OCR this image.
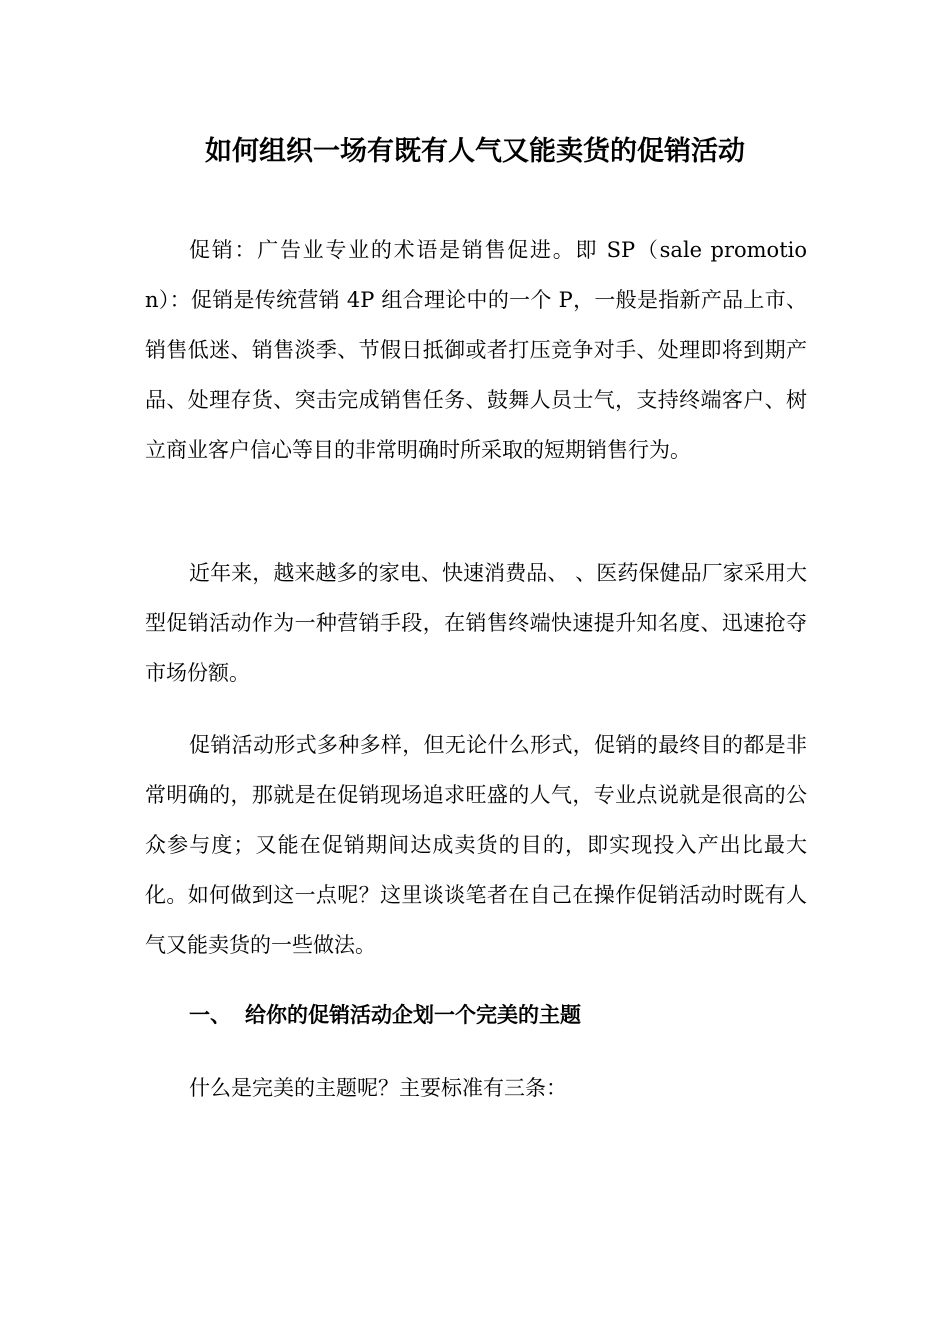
如何组织一场有既有人气又能卖货的促销活动
促销：广告业专业的术语是销售促进。即 SP（sale promotion）：促销是传统营销 4P 组合理论中的一个 P，一般是指新产品上市、销售低迷、销售淡季、节假日抵御或者打压竞争对手、处理即将到期产品、处理存货、突击完成销售任务、鼓舞人员士气，支持终端客户、树立商业客户信心等目的非常明确时所采取的短期销售行为。
近年来，越来越多的家电、快速消费品、 、医药保健品厂家采用大型促销活动作为一种营销手段，在销售终端快速提升知名度、迅速抢夺市场份额。
促销活动形式多种多样，但无论什么形式，促销的最终目的都是非常明确的，那就是在促销现场追求旺盛的人气，专业点说就是很高的公众参与度；又能在促销期间达成卖货的目的，即实现投入产出比最大化。如何做到这一点呢？这里谈谈笔者在自己在操作促销活动时既有人气又能卖货的一些做法。
一、 给你的促销活动企划一个完美的主题
什么是完美的主题呢？主要标准有三条：
